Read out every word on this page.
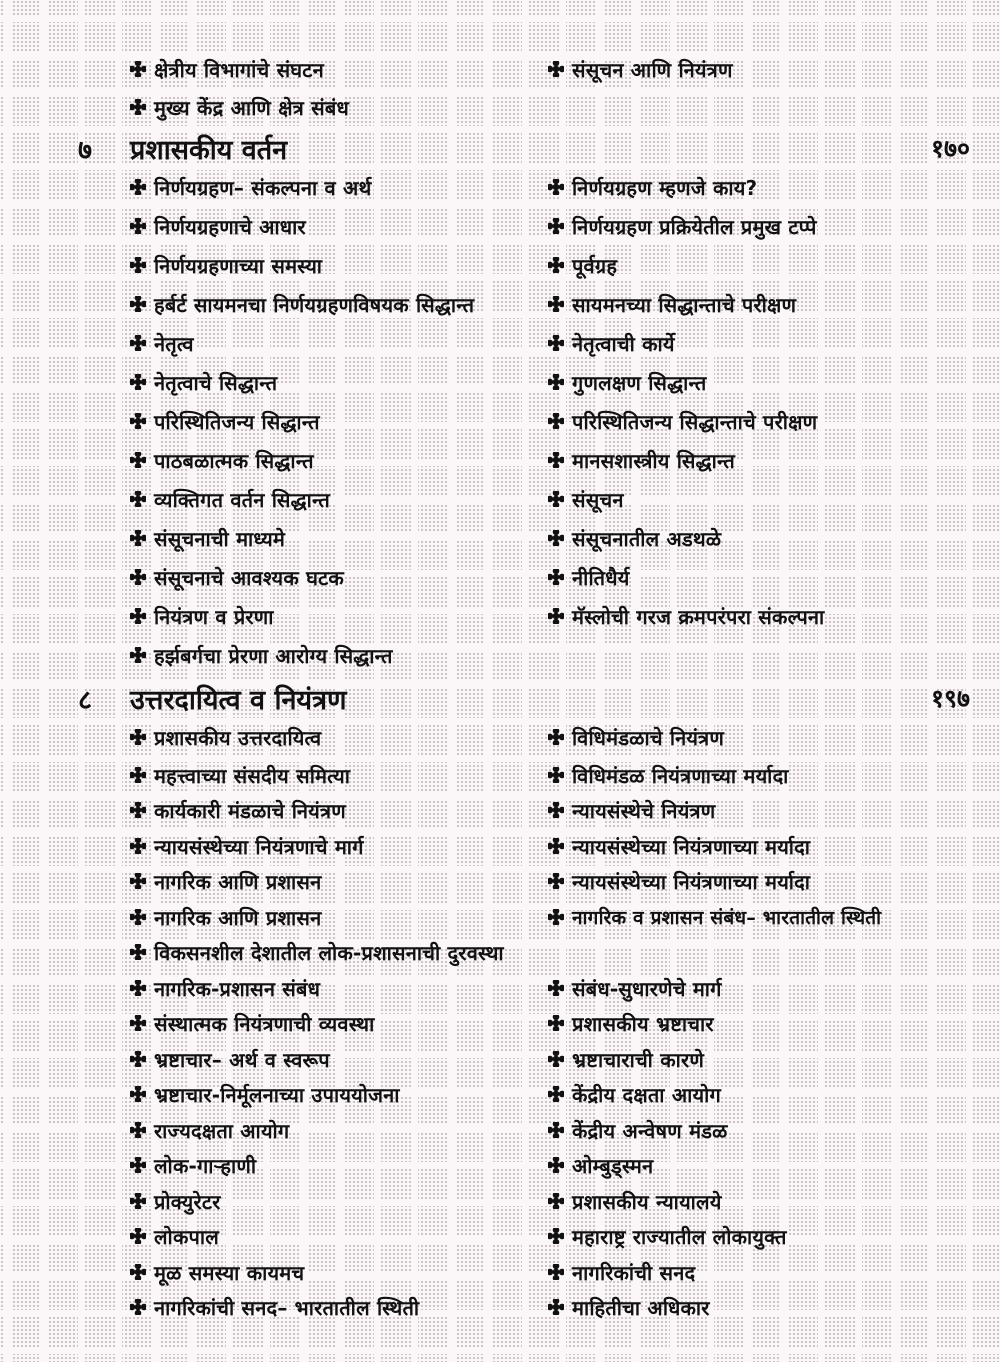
क्षेत्रीय विभागांचे संघटन	संसूचन आणि नियंत्रण
मुख्य केंद्र आणि क्षेत्र संबंध
७ प्रशासकीय वर्तन	१७०
निर्णयग्रहण– संकल्पना व अर्थ	निर्णयग्रहण म्हणजे काय?
निर्णयग्रहणाचे आधार	निर्णयग्रहण प्रक्रियेतील प्रमुख टप्पे
निर्णयग्रहणाच्या समस्या	पूर्वग्रह
हर्बर्ट सायमनचा निर्णयग्रहणविषयक सिद्धान्त	सायमनच्या सिद्धान्ताचे परीक्षण
नेतृत्व	नेतृत्वाची कार्ये
नेतृत्वाचे सिद्धान्त	गुणलक्षण सिद्धान्त
परिस्थितिजन्य सिद्धान्त	परिस्थितिजन्य सिद्धान्ताचे परीक्षण
पाठबळात्मक सिद्धान्त	मानसशास्त्रीय सिद्धान्त
व्यक्तिगत वर्तन सिद्धान्त	संसूचन
संसूचनाची माध्यमे	संसूचनातील अडथळे
संसूचनाचे आवश्यक घटक	नीतिधैर्य
नियंत्रण व प्रेरणा	मॅस्लोची गरज क्रमपरंपरा संकल्पना
हर्झबर्गचा प्रेरणा आरोग्य सिद्धान्त
८ उत्तरदायित्व व नियंत्रण	१९७
प्रशासकीय उत्तरदायित्व	विधिमंडळाचे नियंत्रण
महत्त्वाच्या संसदीय समित्या	विधिमंडळ नियंत्रणाच्या मर्यादा
कार्यकारी मंडळाचे नियंत्रण	न्यायसंस्थेचे नियंत्रण
न्यायसंस्थेच्या नियंत्रणाचे मार्ग	न्यायसंस्थेच्या नियंत्रणाच्या मर्यादा
नागरिक आणि प्रशासन	न्यायसंस्थेच्या नियंत्रणाच्या मर्यादा
नागरिक आणि प्रशासन	नागरिक व प्रशासन संबंध– भारतातील स्थिती
विकसनशील देशातील लोक-प्रशासनाची दुरवस्था
नागरिक-प्रशासन संबंध	संबंध-सुधारणेचे मार्ग
संस्थात्मक नियंत्रणाची व्यवस्था	प्रशासकीय भ्रष्टाचार
भ्रष्टाचार– अर्थ व स्वरूप	भ्रष्टाचाराची कारणे
भ्रष्टाचार-निर्मूलनाच्या उपाययोजना	केंद्रीय दक्षता आयोग
राज्यदक्षता आयोग	केंद्रीय अन्वेषण मंडळ
लोक-गाऱ्हाणी	ओम्बुड्स्मन
प्रोक्युरेटर	प्रशासकीय न्यायालये
लोकपाल	महाराष्ट्र राज्यातील लोकायुक्त
मूळ समस्या कायमच	नागरिकांची सनद
नागरिकांची सनद– भारतातील स्थिती	माहितीचा अधिकार
